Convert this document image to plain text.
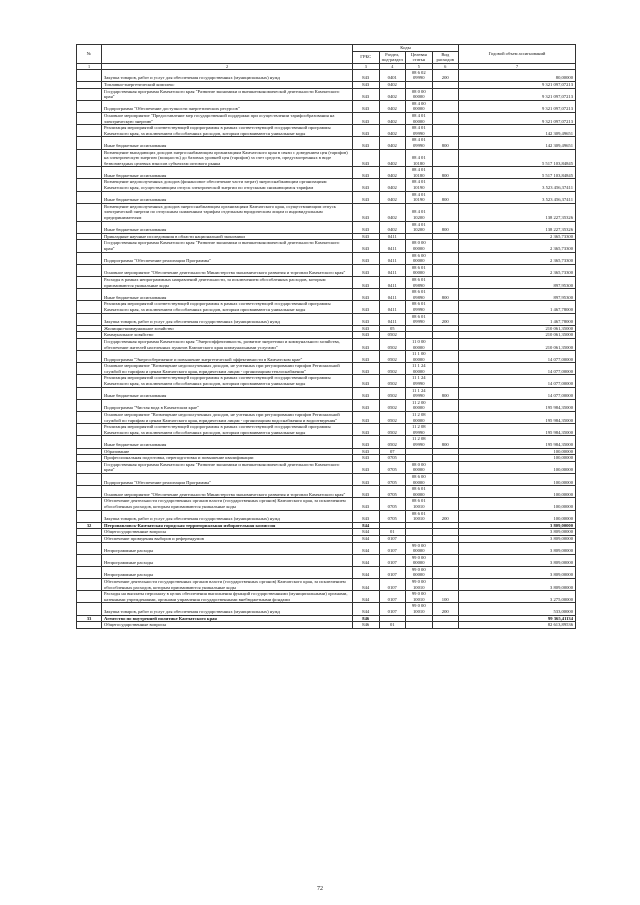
№		Коды				Годовой объем ассигнований
		ГРБС	Раздел, под-раздел	Целевая статья	Вид расходов	
1	2	3	4	5	6	7
	Закупка товаров, работ и услуг для обеспечения государственных (муниципальных) нужд	843	0401	08 6 02 09990	200	80,00000
	Топливно-энергетический комплекс	843	0402			9 321 097,07213
	Государственная программа Камчатского края "Развитие экономики и внешнеэкономической деятельности Камчатского края"	843	0402	08 0 00 00000		9 321 097,07213
	Подпрограмма "Обеспечение доступности энергетических ресурсов"	843	0402	08 4 00 00000		9 321 097,07213
	Основное мероприятие "Предоставление мер государственной поддержки при осуществлении тарифообразования на электрическую энергию"	843	0402	08 4 01 00000		9 321 097,07213
	Реализация мероприятий соответствующей подпрограммы в рамках соответствующей государственной программы Камчатского края, за исключением обособленных расходов, которым присваиваются уникальные коды	843	0402	08 4 01 09990		142 309,49651
	Иные бюджетные ассигнования	843	0402	08 4 01 09990	800	142 309,49651
	Возмещение выпадающих доходов энергоснабжающим организациям Камчатского края в связи с доведением цен (тарифов) на электрическую энергию (мощность) до базовых уровней цен (тарифов) за счет средств, предусмотренных в виде безвозмездных целевых взносов субъектам оптового рынка	843	0402	08 4 01 10180		5 517 103,84845
	Иные бюджетные ассигнования	843	0402	08 4 01 10180	800	5 517 103,84845
	Возмещение недополученных доходов (финансовое обеспечение части затрат) энергоснабжающим организациям Камчатского края, осуществляющим отпуск электрической энергии по отпускным снижающимся тарифам	843	0402	08 4 01 10190		3 523 456,37411
	Иные бюджетные ассигнования	843	0402	08 4 01 10190	800	3 523 456,37411
	Возмещение недополученных доходов энергоснабжающим организациям Камчатского края, осуществляющим отпуск электрической энергии по отпускным сниженным тарифам отдельным юридическим лицам и индивидуальным предпринимателям	843	0402	08 4 01 10200		138 227,35326
	Иные бюджетные ассигнования	843	0402	08 4 01 10200	800	138 227,35326
	Прикладные научные исследования в области национальной экономики	843	0411			2 365,73300
	Государственная программа Камчатского края "Развитие экономики и внешнеэкономической деятельности Камчатского края"	843	0411	08 0 00 00000		2 365,73300
	Подпрограмма "Обеспечение реализации Программы"	843	0411	08 6 00 00000		2 365,73300
	Основное мероприятие "Обеспечение деятельности Министерства экономического развития и торговли Камчатского края"	843	0411	08 6 01 00000		2 365,73300
	Расходы в рамках непрограммных направлений деятельности, за исключением обособленных расходов, которым присваиваются уникальные коды	843	0411	08 6 01 09890		897,95300
	Иные бюджетные ассигнования	843	0411	08 6 01 09890	800	897,95300
	Реализация мероприятий соответствующей подпрограммы в рамках соответствующей государственной программы Камчатского края, за исключением обособленных расходов, которым присваиваются уникальные коды	843	0411	08 6 01 09990		1 467,78000
	Закупка товаров, работ и услуг для обеспечения государственных (муниципальных) нужд	843	0411	08 6 01 09990	200	1 467,78000
	Жилищно-коммунальное хозяйство	843	05			210 061,35000
	Коммунальное хозяйство	843	0502			210 061,35000
	Государственная программа Камчатского края "Энергоэффективность, развитие энергетики и коммунального хозяйства, обеспечение жителей населенных пунктов Камчатского края коммунальными услугами"	843	0502	11 0 00 00000		210 061,35000
	Подпрограмма "Энергосбережение и повышение энергетической эффективности в Камчатском крае"	843	0502	11 1 00 00000		14 077,00000
	Основное мероприятие "Возмещение недополученных доходов, не учтенных при регулировании тарифов Региональной службой по тарифам и ценам Камчатского края, юридическим лицам - организациям теплоснабжения"	843	0502	11 1 24 00000		14 077,00000
	Реализация мероприятий соответствующей подпрограммы в рамках соответствующей государственной программы Камчатского края, за исключением обособленных расходов, которым присваиваются уникальные коды	843	0502	11 1 24 09990		14 077,00000
	Иные бюджетные ассигнования	843	0502	11 1 24 09990	800	14 077,00000
	Подпрограмма "Чистая вода в Камчатском крае"	843	0502	11 2 00 00000		195 984,35000
	Основное мероприятие "Возмещение недополученных доходов, не учтенных при регулировании тарифов Региональной службой по тарифам и ценам Камчатского края, юридическим лицам - организациям водоснабжения и водоотведения"	843	0502	11 2 08 00000		195 984,35000
	Реализация мероприятий соответствующей подпрограммы в рамках соответствующей государственной программы Камчатского края, за исключением обособленных расходов, которым присваиваются уникальные коды	843	0502	11 2 08 09990		195 984,35000
	Иные бюджетные ассигнования	843	0502	11 2 08 09990	800	195 984,35000
	Образование	843	07			100,00000
	Профессиональная подготовка, переподготовка и повышение квалификации	843	0705			100,00000
	Государственная программа Камчатского края "Развитие экономики и внешнеэкономической деятельности Камчатского края"	843	0705	08 0 00 00000		100,00000
	Подпрограмма "Обеспечение реализации Программы"	843	0705	08 6 00 00000		100,00000
	Основное мероприятие "Обеспечение деятельности Министерства экономического развития и торговли Камчатского края"	843	0705	08 6 01 00000		100,00000
	Обеспечение деятельности государственных органов власти (государственных органов) Камчатского края, за исключением обособленных расходов, которым присваиваются уникальные коды	843	0705	08 6 01 10010		100,00000
	Закупка товаров, работ и услуг для обеспечения государственных (муниципальных) нужд	843	0705	08 6 01 10010	200	100,00000
32	Петропавловск-Камчатская городская территориальная избирательная комиссия	844				3 809,00000
	Общегосударственные вопросы	844	01			3 809,00000
	Обеспечение проведения выборов и референдумов	844	0107			3 809,00000
	Непрограммные расходы	844	0107	99 0 00 00000		3 809,00000
	Непрограммные расходы	844	0107	99 0 00 00000		3 809,00000
	Непрограммные расходы	844	0107	99 0 00 00000		3 809,00000
	Обеспечение деятельности государственных органов власти (государственных органов) Камчатского края, за исключением обособленных расходов, которым присваиваются уникальные коды	844	0107	99 0 00 10010		3 809,00000
	Расходы на выплаты персоналу в целях обеспечения выполнения функций государственными (муниципальными) органами, казенными учреждениями, органами управления государственными внебюджетными фондами	844	0107	99 0 00 10010	100	3 275,00000
	Закупка товаров, работ и услуг для обеспечения государственных (муниципальных) нужд	844	0107	99 0 00 10010	200	533,00000
33	Агентство по внутренней политике Камчатского края	846				99 365,41134
	Общегосударственные вопросы	846	01			82 613,89536
72
